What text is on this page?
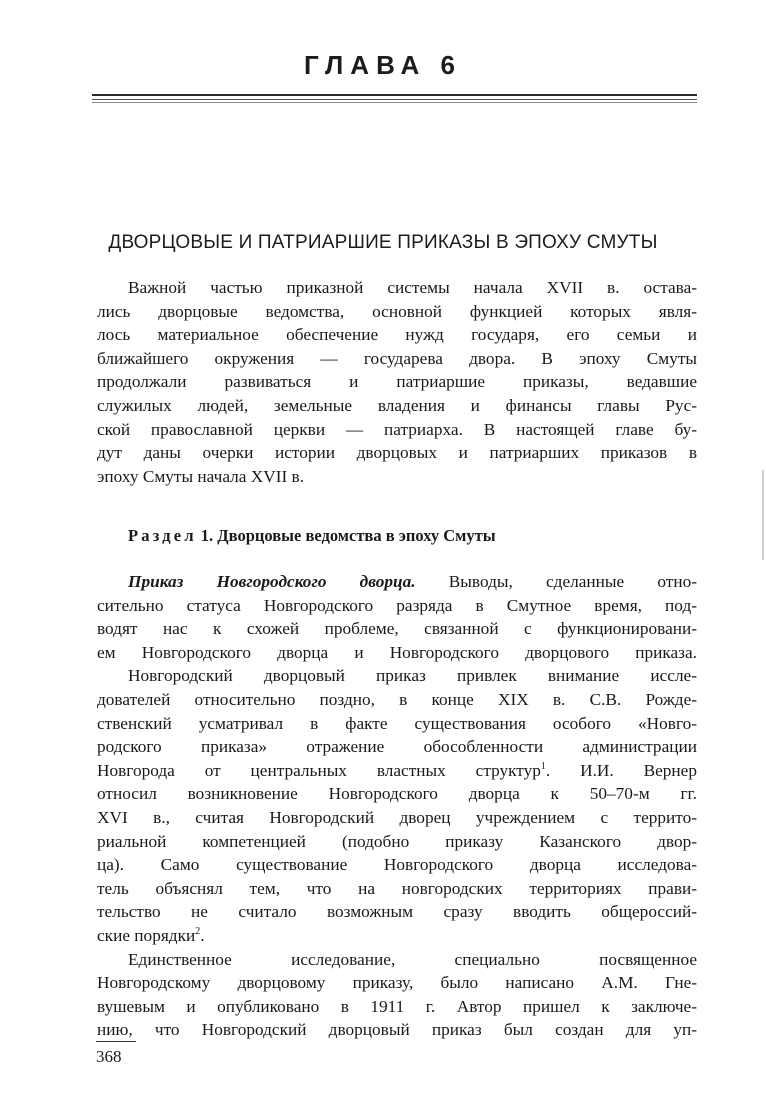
ГЛАВА 6
ДВОРЦОВЫЕ И ПАТРИАРШИЕ ПРИКАЗЫ В ЭПОХУ СМУТЫ
Важной частью приказной системы начала XVII в. остава-
лись дворцовые ведомства, основной функцией которых явля-
лось материальное обеспечение нужд государя, его семьи и
ближайшего окружения — государева двора. В эпоху Смуты
продолжали развиваться и патриаршие приказы, ведавшие
служилых людей, земельные владения и финансы главы Рус-
ской православной церкви — патриарха. В настоящей главе бу-
дут даны очерки истории дворцовых и патриарших приказов в
эпоху Смуты начала XVII в.
Раздел 1. Дворцовые ведомства в эпоху Смуты
Приказ Новгородского дворца. Выводы, сделанные отно-
сительно статуса Новгородского разряда в Смутное время, под-
водят нас к схожей проблеме, связанной с функционировани-
ем Новгородского дворца и Новгородского дворцового приказа.
Новгородский дворцовый приказ привлек внимание иссле-
дователей относительно поздно, в конце XIX в. С.В. Рожде-
ственский усматривал в факте существования особого «Новго-
родского приказа» отражение обособленности администрации
Новгорода от центральных властных структур$^1$. И.И. Вернер
относил возникновение Новгородского дворца к 50–70-м гг.
XVI в., считая Новгородский дворец учреждением с террито-
риальной компетенцией (подобно приказу Казанского двор-
ца). Само существование Новгородского дворца исследова-
тель объяснял тем, что на новгородских территориях прави-
тельство не считало возможным сразу вводить общероссий-
ские порядки$^2$.
Единственное исследование, специально посвященное
Новгородскому дворцовому приказу, было написано А.М. Гне-
вушевым и опубликовано в 1911 г. Автор пришел к заключе-
нию, что Новгородский дворцовый приказ был создан для уп-
368
